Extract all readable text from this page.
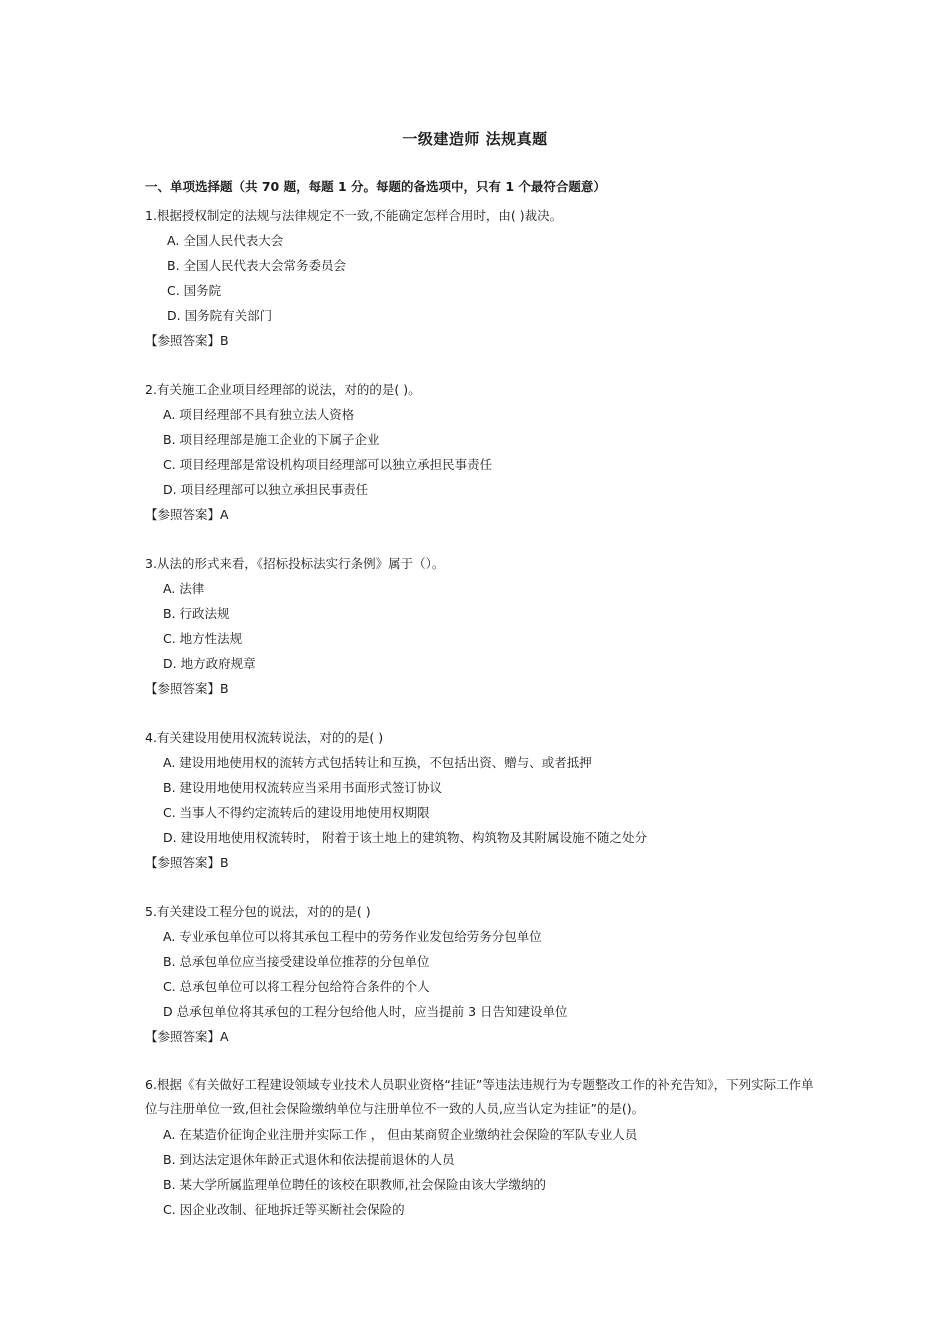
一级建造师 法规真题
一、单项选择题（共 70 题，每题 1 分。每题的备选项中，只有 1 个最符合题意）
1.根据授权制定的法规与法律规定不一致,不能确定怎样合用时，由( )裁决。
A. 全国人民代表大会
B. 全国人民代表大会常务委员会
C. 国务院
D. 国务院有关部门
【参照答案】B
2.有关施工企业项目经理部的说法，对的的是( )。
A. 项目经理部不具有独立法人资格
B. 项目经理部是施工企业的下属子企业
C. 项目经理部是常设机构项目经理部可以独立承担民事责任
D. 项目经理部可以独立承担民事责任
【参照答案】A
3.从法的形式来看，《招标投标法实行条例》属于（）。
A. 法律
B. 行政法规
C. 地方性法规
D. 地方政府规章
【参照答案】B
4.有关建设用使用权流转说法，对的的是( )
A. 建设用地使用权的流转方式包括转让和互换，不包括出资、赠与、或者抵押
B. 建设用地使用权流转应当采用书面形式签订协议
C. 当事人不得约定流转后的建设用地使用权期限
D. 建设用地使用权流转时， 附着于该土地上的建筑物、构筑物及其附属设施不随之处分
【参照答案】B
5.有关建设工程分包的说法，对的的是( )
A. 专业承包单位可以将其承包工程中的劳务作业发包给劳务分包单位
B. 总承包单位应当接受建设单位推荐的分包单位
C. 总承包单位可以将工程分包给符合条件的个人
D 总承包单位将其承包的工程分包给他人时，应当提前 3 日告知建设单位
【参照答案】A
6.根据《有关做好工程建设领域专业技术人员职业资格“挂证”等违法违规行为专题整改工作的补充告知》，下列实际工作单位与注册单位一致,但社会保险缴纳单位与注册单位不一致的人员,应当认定为挂证”的是()。
A. 在某造价征询企业注册并实际工作 ， 但由某商贸企业缴纳社会保险的军队专业人员
B. 到达法定退休年龄正式退休和依法提前退休的人员
B. 某大学所属监理单位聘任的该校在职教师,社会保险由该大学缴纳的
C. 因企业改制、征地拆迁等买断社会保险的
